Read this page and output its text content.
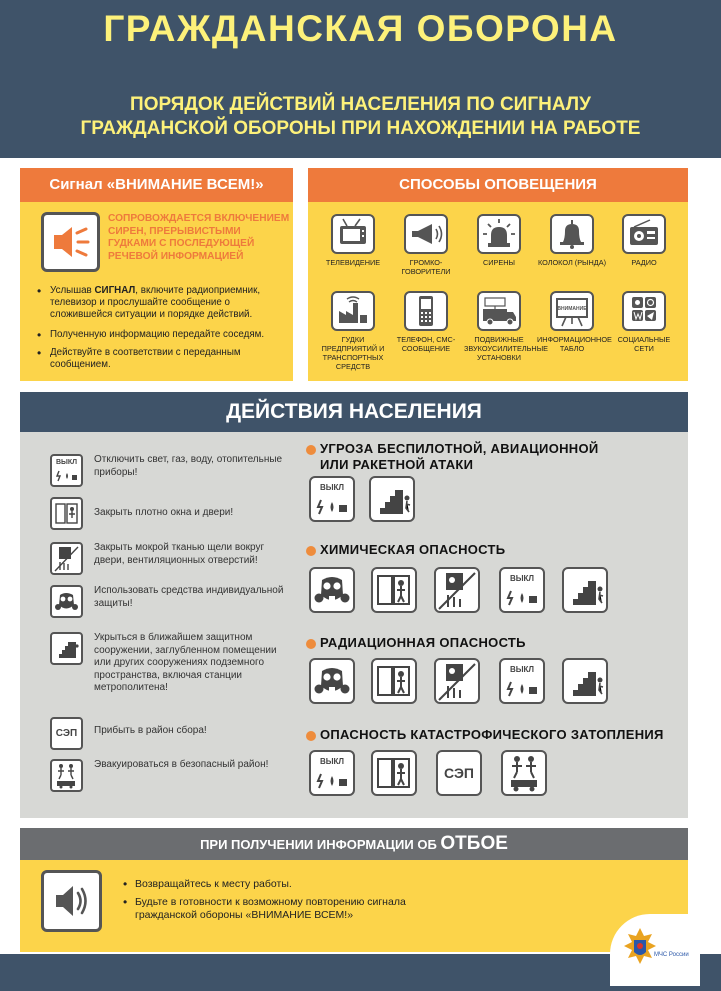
ГРАЖДАНСКАЯ ОБОРОНА
ПОРЯДОК ДЕЙСТВИЙ НАСЕЛЕНИЯ ПО СИГНАЛУ
ГРАЖДАНСКОЙ ОБОРОНЫ ПРИ НАХОЖДЕНИИ НА РАБОТЕ
Сигнал «ВНИМАНИЕ ВСЕМ!»
СОПРОВОЖДАЕТСЯ ВКЛЮЧЕНИЕМ СИРЕН, ПРЕРЫВИСТЫМИ ГУДКАМИ С ПОСЛЕДУЮЩЕЙ РЕЧЕВОЙ ИНФОРМАЦИЕЙ
• Услышав СИГНАЛ, включите радиоприемник, телевизор и прослушайте сообщение о сложившейся ситуации и порядке действий.
• Полученную информацию передайте соседям.
• Действуйте в соответствии с переданным сообщением.
СПОСОБЫ ОПОВЕЩЕНИЯ
ТЕЛЕВИДЕНИЕ	ГРОМКО-ГОВОРИТЕЛИ
СИРЕНЫ	КОЛОКОЛ (РЫНДА)	РАДИО
ГУДКИ ПРЕДПРИЯТИЙ И ТРАНСПОРТНЫХ СРЕДСТВ
ТЕЛЕФОН, СМС-СООБЩЕНИЕ
ПОДВИЖНЫЕ ЗВУКОУСИЛИТЕЛЬНЫЕ УСТАНОВКИ
ВНИМАНИЕ
ИНФОРМАЦИОННОЕ ТАБЛО
СОЦИАЛЬНЫЕ СЕТИ
ДЕЙСТВИЯ НАСЕЛЕНИЯ
ВЫКЛ	Отключить свет, газ, воду, отопительные приборы!
Закрыть плотно окна и двери!
Закрыть мокрой тканью щели вокруг двери, вентиляционных отверстий!
Использовать средства индивидуальной защиты!
Укрыться в ближайшем защитном сооружении, заглубленном помещении или других сооружениях подземного пространства, включая станции метрополитена!
СЭП	Прибыть в район сбора!
Эвакуироваться в безопасный район!
УГРОЗА БЕСПИЛОТНОЙ, АВИАЦИОННОЙ
ИЛИ РАКЕТНОЙ АТАКИ
ВЫКЛ
ХИМИЧЕСКАЯ ОПАСНОСТЬ
ВЫКЛ
РАДИАЦИОННАЯ ОПАСНОСТЬ
ВЫКЛ
ОПАСНОСТЬ КАТАСТРОФИЧЕСКОГО ЗАТОПЛЕНИЯ
ВЫКЛ
СЭП
ПРИ ПОЛУЧЕНИИ ИНФОРМАЦИИ ОБ ОТБОЕ
• Возвращайтесь к месту работы.
• Будьте в готовности к возможному повторению сигнала гражданской обороны «ВНИМАНИЕ ВСЕМ!»
МЧС России
